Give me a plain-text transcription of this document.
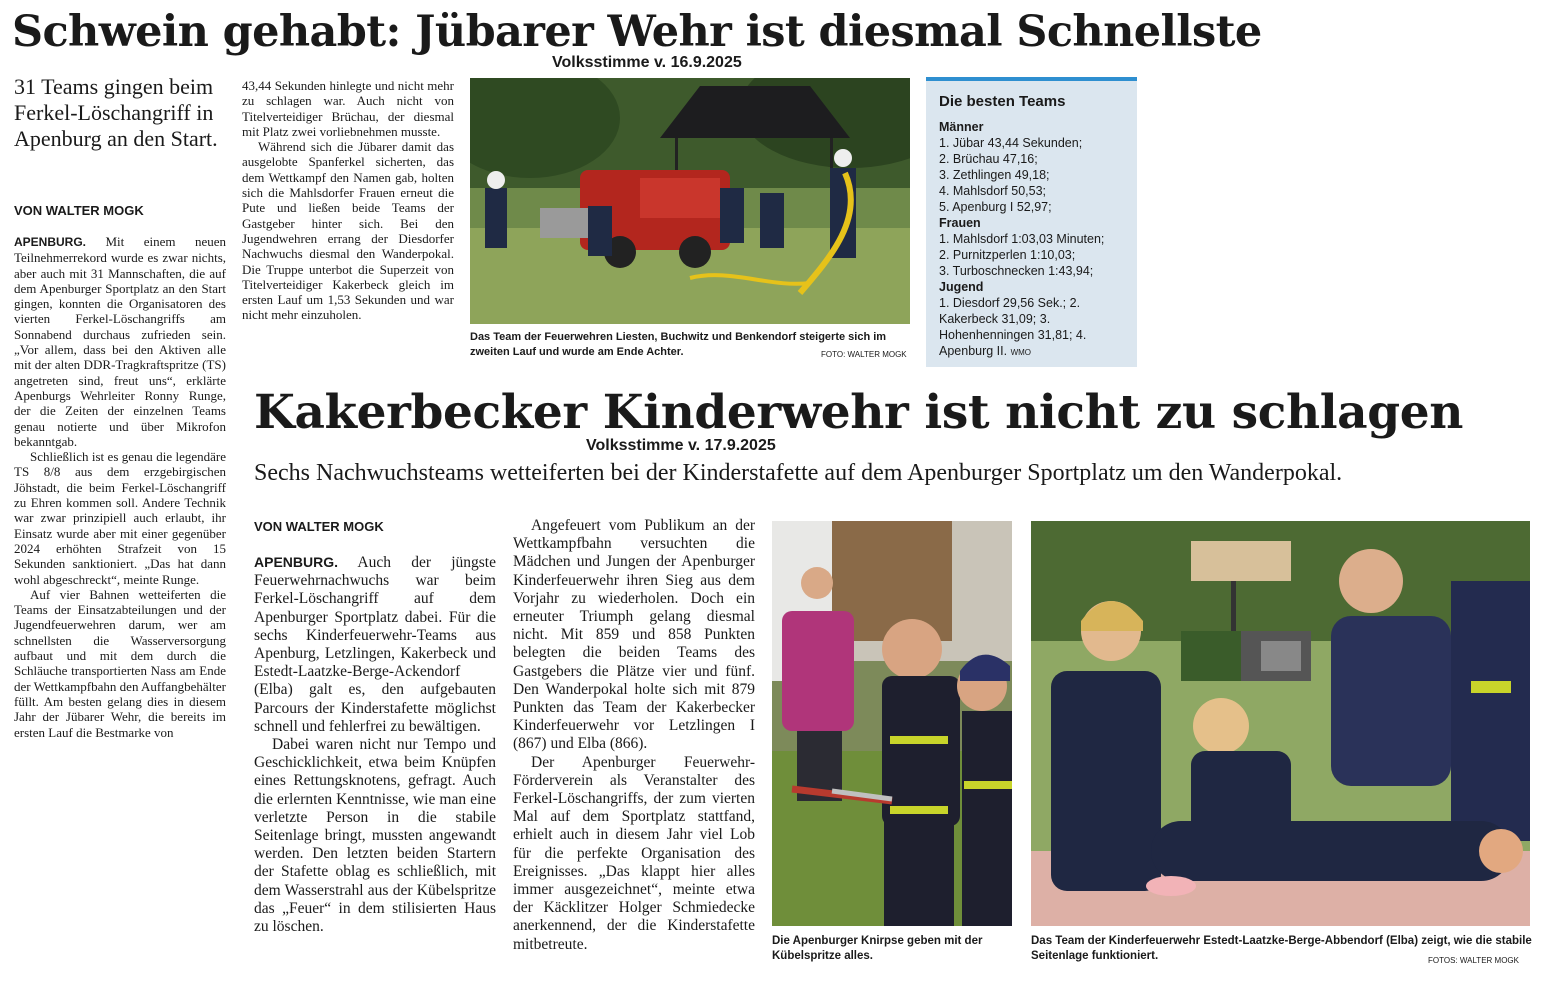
Schwein gehabt: Jübarer Wehr ist diesmal Schnellste
Volksstimme v. 16.9.2025
31 Teams gingen beim Ferkel-Löschangriff in Apenburg an den Start.
VON WALTER MOGK

APENBURG. Mit einem neuen Teilnehmerrekord wurde es zwar nichts, aber auch mit 31 Mannschaften, die auf dem Apenburger Sportplatz an den Start gingen, konnten die Organisatoren des vierten Ferkel-Löschangriffs am Sonnabend durchaus zufrieden sein. „Vor allem, dass bei den Aktiven alle mit der alten DDR-Tragkraftspritze (TS) angetreten sind, freut uns“, erklärte Apenburgs Wehrleiter Ronny Runge, der die Zeiten der einzelnen Teams genau notierte und über Mikrofon bekanntgab.

Schließlich ist es genau die legendäre TS 8/8 aus dem erzgebirgischen Jöhstadt, die beim Ferkel-Löschangriff zu Ehren kommen soll. Andere Technik war zwar prinzipiell auch erlaubt, ihr Einsatz wurde aber mit einer gegenüber 2024 erhöhten Strafzeit von 15 Sekunden sanktioniert. „Das hat dann wohl abgeschreckt“, meinte Runge.

Auf vier Bahnen wetteiferten die Teams der Einsatzabteilungen und der Jugendfeuerwehren darum, wer am schnellsten die Wasserversorgung aufbaut und mit dem durch die Schläuche transportierten Nass am Ende der Wettkampfbahn den Auffangbehälter füllt. Am besten gelang dies in diesem Jahr der Jübarer Wehr, die bereits im ersten Lauf die Bestmarke von

43,44 Sekunden hinlegte und nicht mehr zu schlagen war. Auch nicht von Titelverteidiger Brüchau, der diesmal mit Platz zwei vorliebnehmen musste.

Während sich die Jübarer damit das ausgelobte Spanferkel sicherten, das dem Wettkampf den Namen gab, holten sich die Mahlsdorfer Frauen erneut die Pute und ließen beide Teams der Gastgeber hinter sich. Bei den Jugendwehren errang der Diesdorfer Nachwuchs diesmal den Wanderpokal. Die Truppe unterbot die Superzeit von Titelverteidiger Kakerbeck gleich im ersten Lauf um 1,53 Sekunden und war nicht mehr einzuholen.

Das Team der Feuerwehren Liesten, Buchwitz und Benkendorf steigerte sich im zweiten Lauf und wurde am Ende Achter.	FOTO: WALTER MOGK
Die besten Teams
Männer
1. Jübar 43,44 Sekunden;
2. Brüchau 47,16;
3. Zethlingen 49,18;
4. Mahlsdorf 50,53;
5. Apenburg I 52,97;
Frauen
1. Mahlsdorf 1:03,03 Minuten;
2. Purnitzperlen 1:10,03;
3. Turboschnecken 1:43,94;
Jugend
1. Diesdorf 29,56 Sek.; 2. Kakerbeck 31,09; 3. Hohenhenningen 31,81; 4. Apenburg II. WMO
Kakerbecker Kinderwehr ist nicht zu schlagen
Volksstimme v. 17.9.2025
Sechs Nachwuchsteams wetteiferten bei der Kinderstafette auf dem Apenburger Sportplatz um den Wanderpokal.
VON WALTER MOGK

APENBURG. Auch der jüngste Feuerwehrnachwuchs war beim Ferkel-Löschangriff auf dem Apenburger Sportplatz dabei. Für die sechs Kinderfeuerwehr-Teams aus Apenburg, Letzlingen, Kakerbeck und Estedt-Laatzke-Berge-Ackendorf (Elba) galt es, den aufgebauten Parcours der Kinderstafette möglichst schnell und fehlerfrei zu bewältigen.

Dabei waren nicht nur Tempo und Geschicklichkeit, etwa beim Knüpfen eines Rettungsknotens, gefragt. Auch die erlernten Kenntnisse, wie man eine verletzte Person in die stabile Seitenlage bringt, mussten angewandt werden. Den letzten beiden Startern der Stafette oblag es schließlich, mit dem Wasserstrahl aus der Kübelspritze das „Feuer“ in dem stilisierten Haus zu löschen.

Angefeuert vom Publikum an der Wettkampfbahn versuchten die Mädchen und Jungen der Apenburger Kinderfeuerwehr ihren Sieg aus dem Vorjahr zu wiederholen. Doch ein erneuter Triumph gelang diesmal nicht. Mit 859 und 858 Punkten belegten die beiden Teams des Gastgebers die Plätze vier und fünf. Den Wanderpokal holte sich mit 879 Punkten das Team der Kakerbecker Kinderfeuerwehr vor Letzlingen I (867) und Elba (866).

Der Apenburger Feuerwehr-Förderverein als Veranstalter des Ferkel-Löschangriffs, der zum vierten Mal auf dem Sportplatz stattfand, erhielt auch in diesem Jahr viel Lob für die perfekte Organisation des Ereignisses. „Das klappt hier alles immer ausgezeichnet“, meinte etwa der Käcklitzer Holger Schmiedecke anerkennend, der die Kinderstafette mitbetreute.	Die Apenburger Knirpse geben mit der Kübelspritze alles.
Das Team der Kinderfeuerwehr Estedt-Laatzke-Berge-Abbendorf (Elba) zeigt, wie die stabile Seitenlage funktioniert.	FOTOS: WALTER MOGK
